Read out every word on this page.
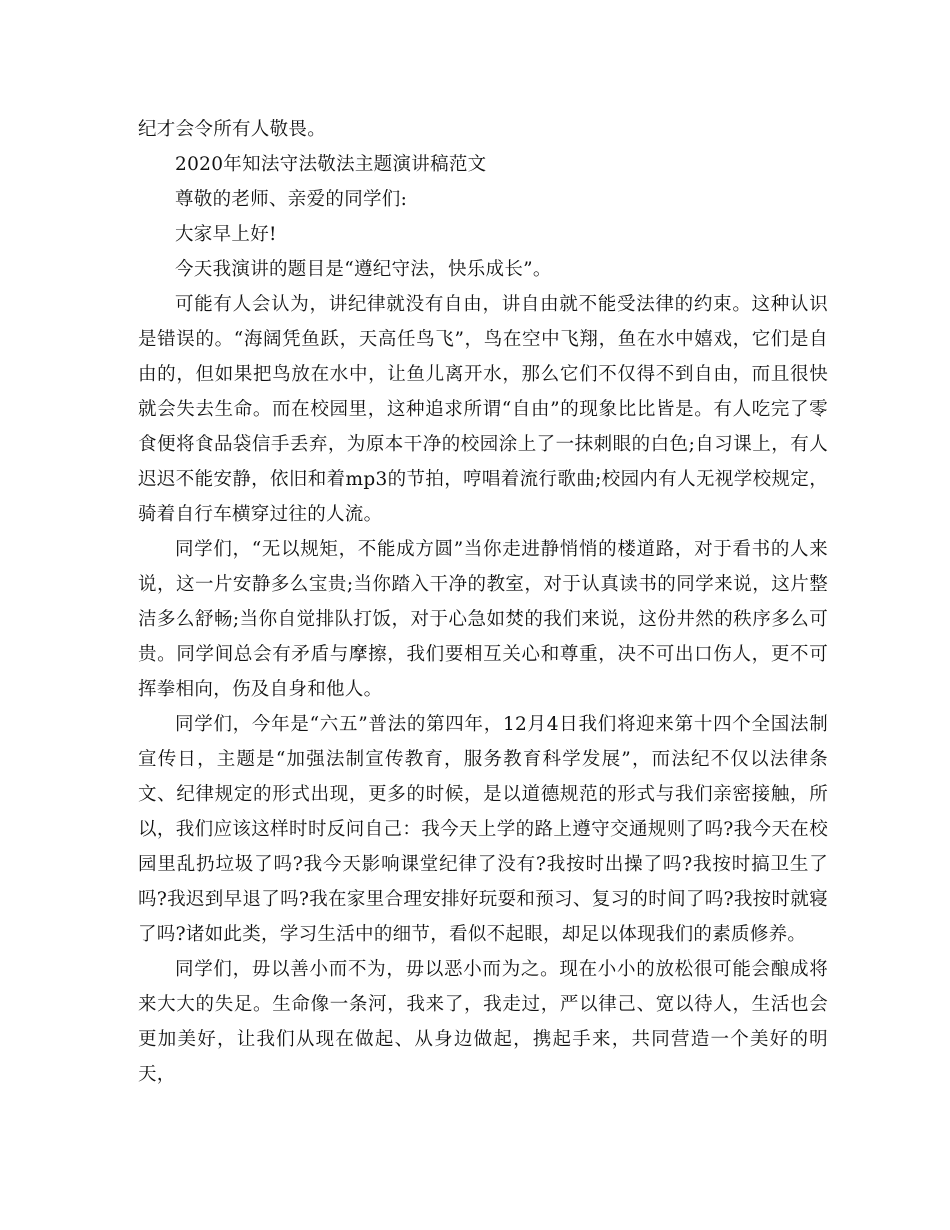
纪才会令所有人敬畏。

2020年知法守法敬法主题演讲稿范文

尊敬的老师、亲爱的同学们:

大家早上好!

今天我演讲的题目是“遵纪守法，快乐成长”。

可能有人会认为，讲纪律就没有自由，讲自由就不能受法律的约束。这种认识是错误的。“海阔凭鱼跃，天高任鸟飞”，鸟在空中飞翔，鱼在水中嬉戏，它们是自由的，但如果把鸟放在水中，让鱼儿离开水，那么它们不仅得不到自由，而且很快就会失去生命。而在校园里，这种追求所谓“自由”的现象比比皆是。有人吃完了零食便将食品袋信手丢弃，为原本干净的校园涂上了一抹刺眼的白色;自习课上，有人迟迟不能安静，依旧和着mp3的节拍，哼唱着流行歌曲;校园内有人无视学校规定，骑着自行车横穿过往的人流。

同学们，“无以规矩，不能成方圆”当你走进静悄悄的楼道路，对于看书的人来说，这一片安静多么宝贵;当你踏入干净的教室，对于认真读书的同学来说，这片整洁多么舒畅;当你自觉排队打饭，对于心急如焚的我们来说，这份井然的秩序多么可贵。同学间总会有矛盾与摩擦，我们要相互关心和尊重，决不可出口伤人，更不可挥拳相向，伤及自身和他人。

同学们，今年是“六五”普法的第四年，12月4日我们将迎来第十四个全国法制宣传日，主题是“加强法制宣传教育，服务教育科学发展”，而法纪不仅以法律条文、纪律规定的形式出现，更多的时候，是以道德规范的形式与我们亲密接触，所以，我们应该这样时时反问自己：我今天上学的路上遵守交通规则了吗?我今天在校园里乱扔垃圾了吗?我今天影响课堂纪律了没有?我按时出操了吗?我按时搞卫生了吗?我迟到早退了吗?我在家里合理安排好玩耍和预习、复习的时间了吗?我按时就寝了吗?诸如此类，学习生活中的细节，看似不起眼，却足以体现我们的素质修养。

同学们，毋以善小而不为，毋以恶小而为之。现在小小的放松很可能会酿成将来大大的失足。生命像一条河，我来了，我走过，严以律己、宽以待人，生活也会更加美好，让我们从现在做起、从身边做起，携起手来，共同营造一个美好的明天，
